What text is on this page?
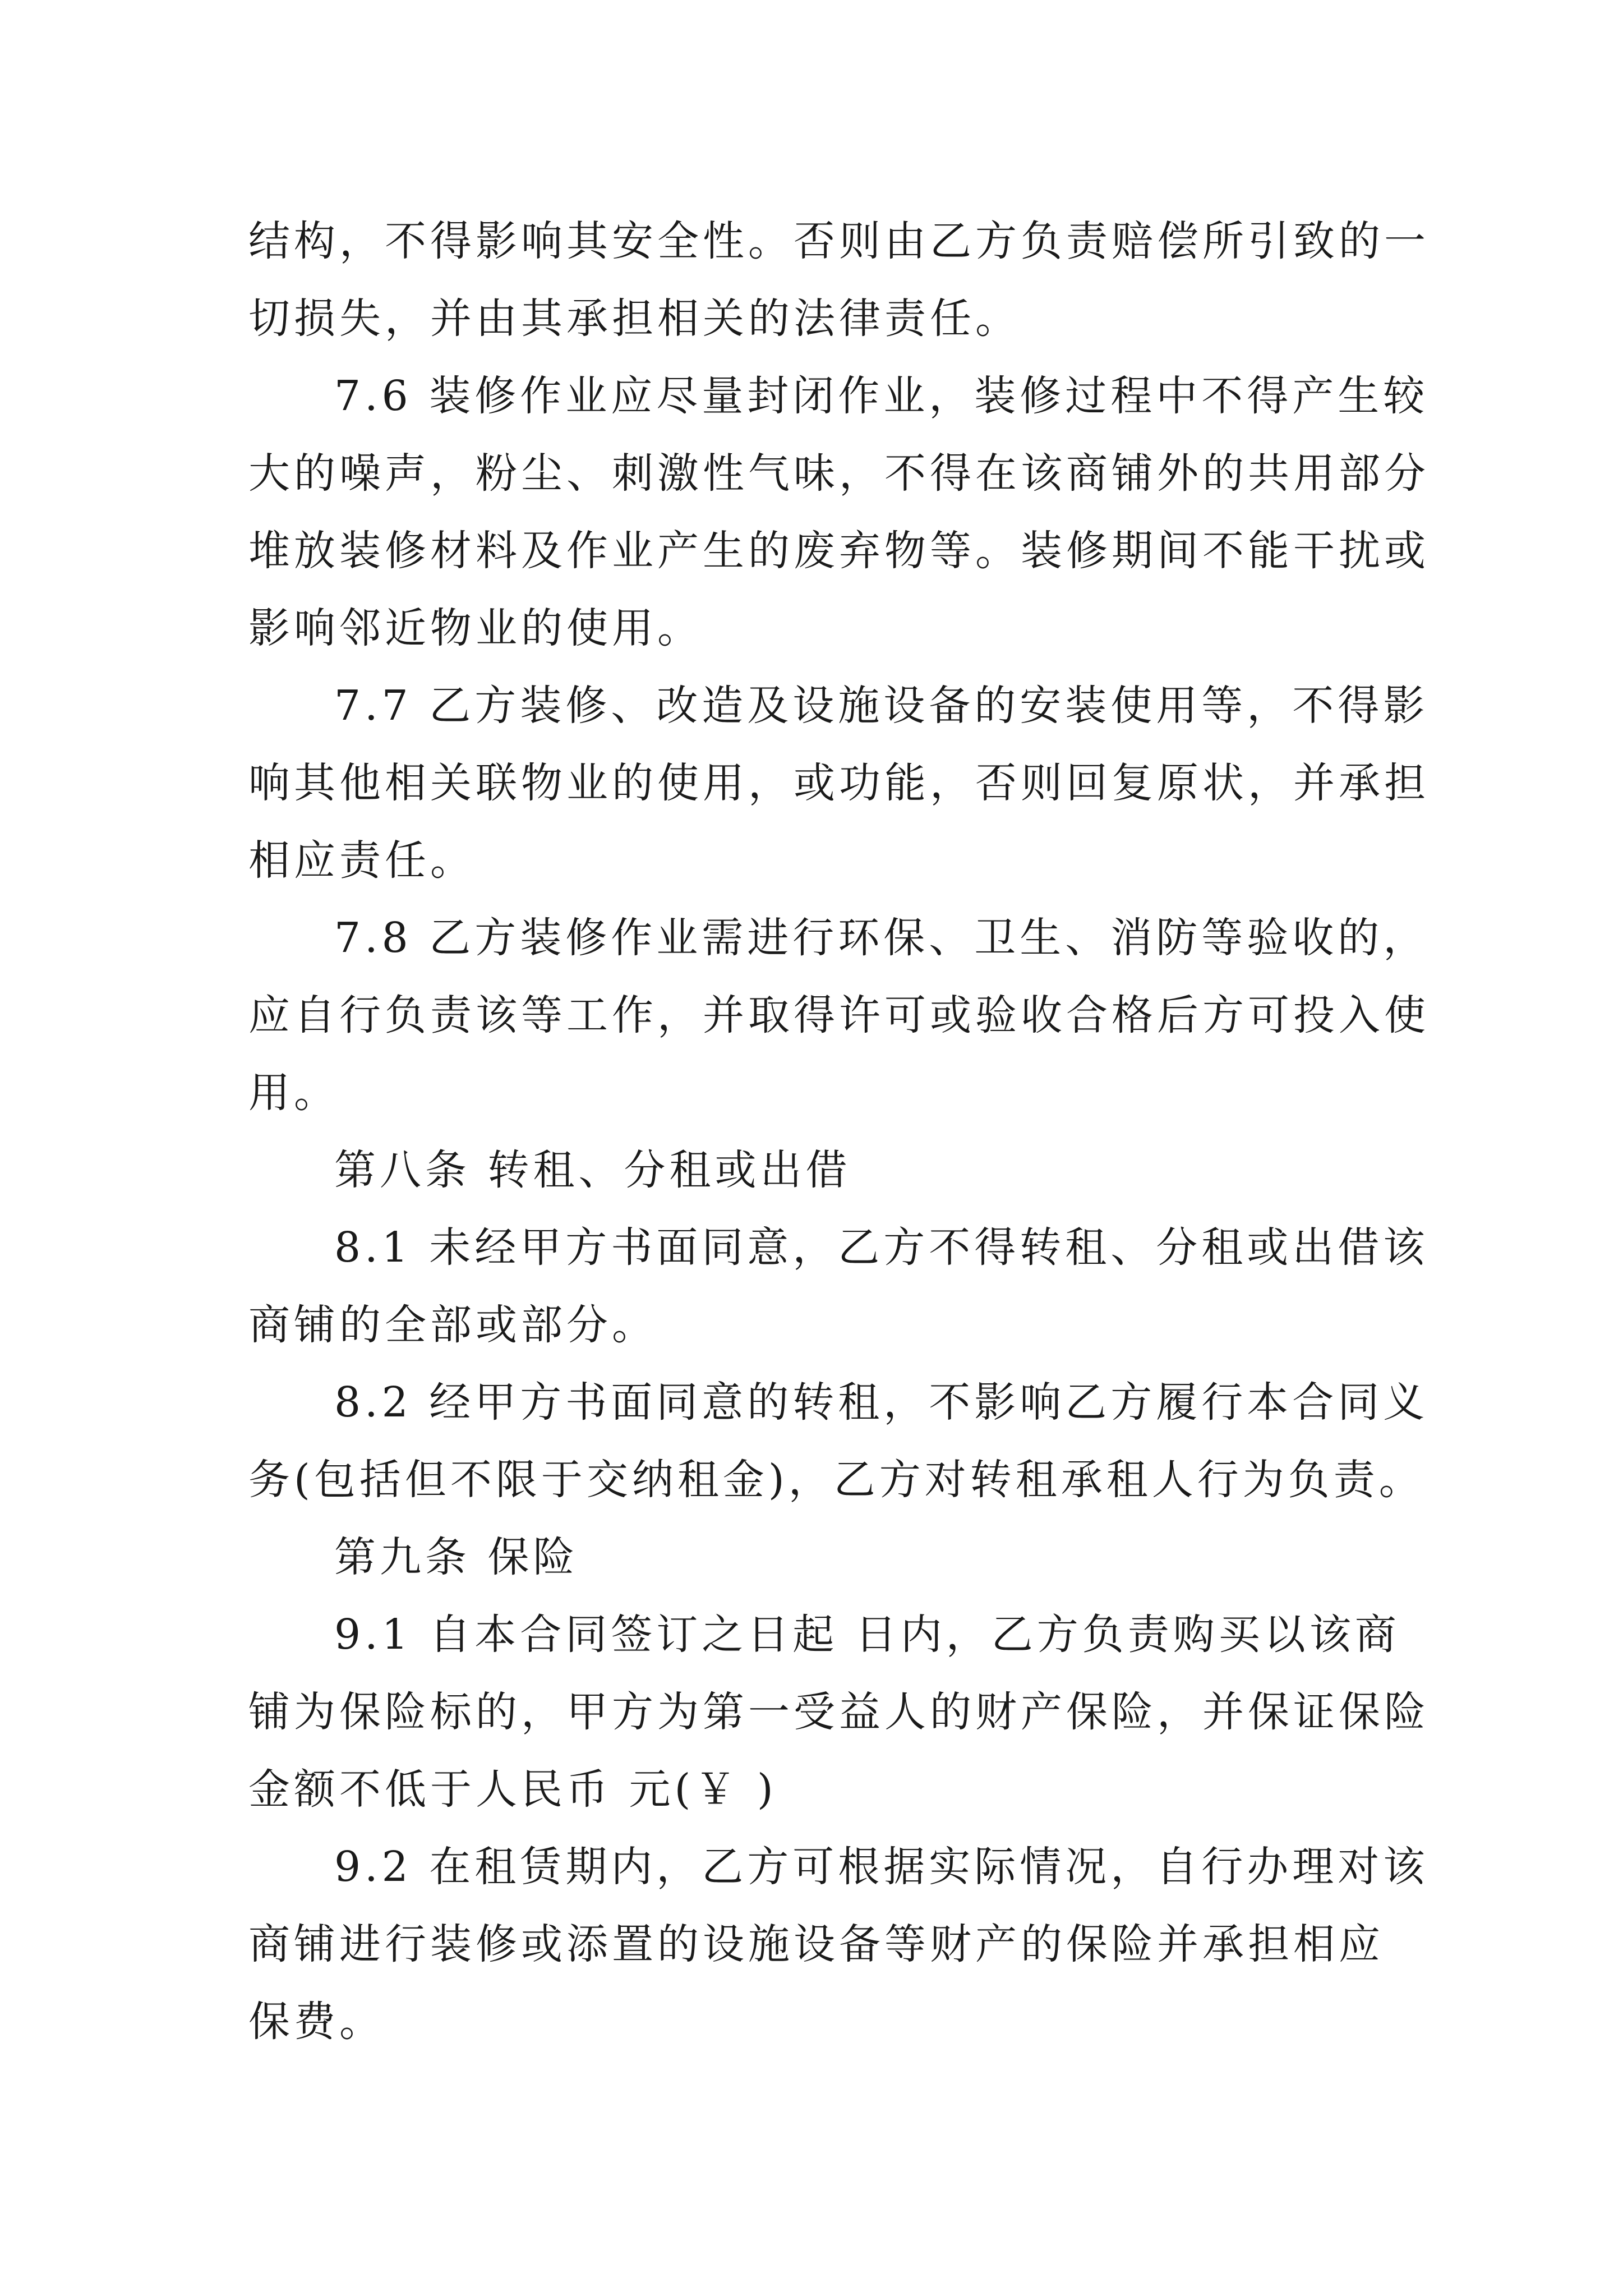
结构，不得影响其安全性。否则由乙方负责赔偿所引致的一

切损失，并由其承担相关的法律责任。

7.6 装修作业应尽量封闭作业，装修过程中不得产生较

大的噪声，粉尘、刺激性气味，不得在该商铺外的共用部分

堆放装修材料及作业产生的废弃物等。装修期间不能干扰或

影响邻近物业的使用。

7.7 乙方装修、改造及设施设备的安装使用等，不得影

响其他相关联物业的使用，或功能，否则回复原状，并承担

相应责任。

7.8 乙方装修作业需进行环保、卫生、消防等验收的，

应自行负责该等工作，并取得许可或验收合格后方可投入使

用。

第八条 转租、分租或出借

8.1 未经甲方书面同意，乙方不得转租、分租或出借该

商铺的全部或部分。

8.2 经甲方书面同意的转租，不影响乙方履行本合同义

务(包括但不限于交纳租金)，乙方对转租承租人行为负责。

第九条 保险

9.1 自本合同签订之日起 日内，乙方负责购买以该商

铺为保险标的，甲方为第一受益人的财产保险，并保证保险

金额不低于人民币 元(￥ )

9.2 在租赁期内，乙方可根据实际情况，自行办理对该

商铺进行装修或添置的设施设备等财产的保险并承担相应

保费。
